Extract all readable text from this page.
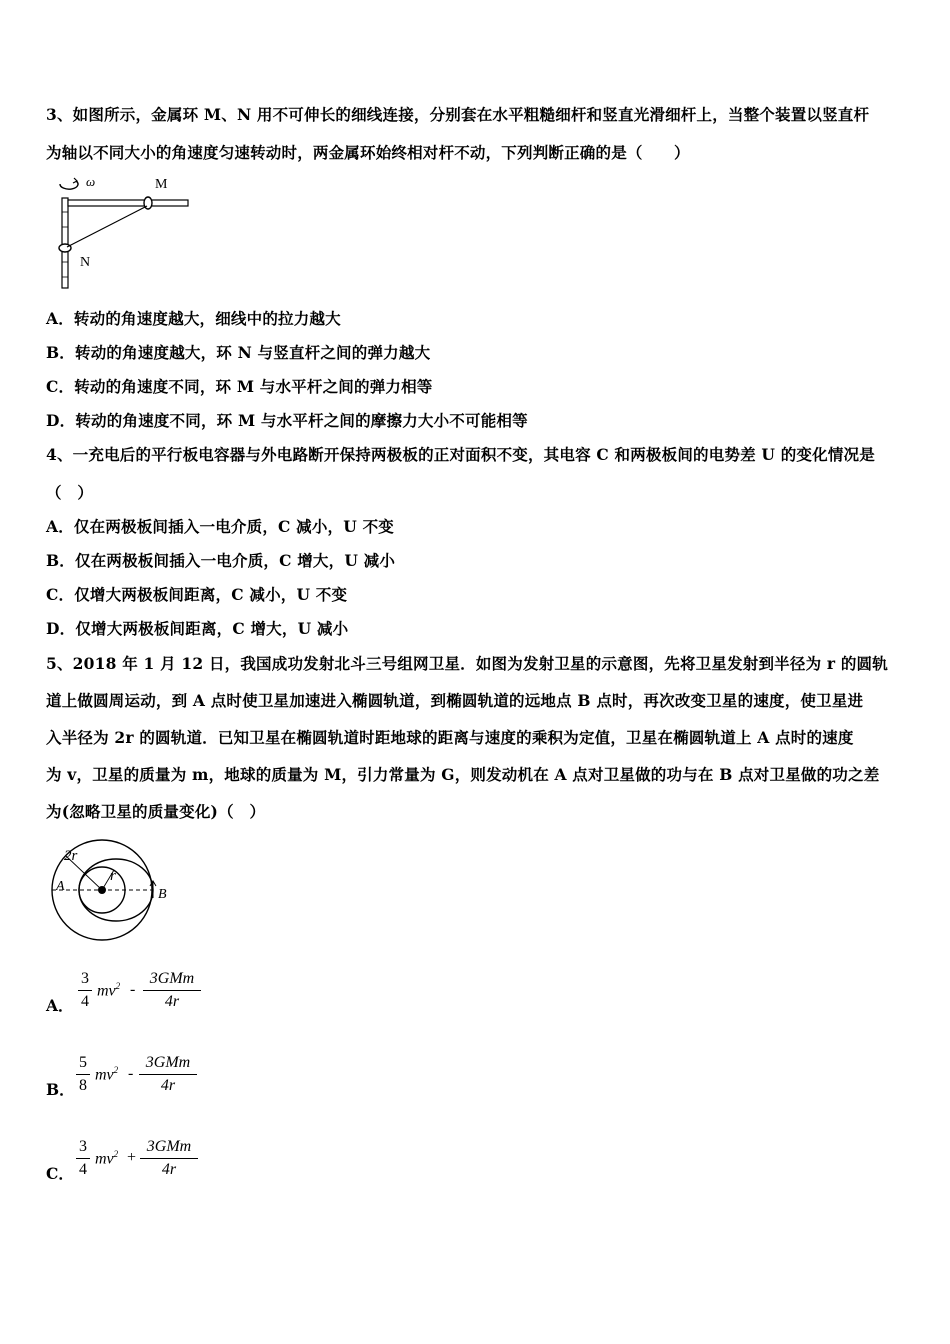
3、如图所示，金属环 M、N 用不可伸长的细线连接，分别套在水平粗糙细杆和竖直光滑细杆上，当整个装置以竖直杆
为轴以不同大小的角速度匀速转动时，两金属环始终相对杆不动，下列判断正确的是（　　）
ω	M
N
A．转动的角速度越大，细线中的拉力越大
B．转动的角速度越大，环 N 与竖直杆之间的弹力越大
C．转动的角速度不同，环 M 与水平杆之间的弹力相等
D．转动的角速度不同，环 M 与水平杆之间的摩擦力大小不可能相等
4、一充电后的平行板电容器与外电路断开保持两极板的正对面积不变，其电容 C 和两极板间的电势差 U 的变化情况是
（　）
A．仅在两极板间插入一电介质，C 减小，U 不变
B．仅在两极板间插入一电介质，C 增大，U 减小
C．仅增大两极板间距离，C 减小，U 不变
D．仅增大两极板间距离，C 增大，U 减小
5、2018 年 1 月 12 日，我国成功发射北斗三号组网卫星．如图为发射卫星的示意图，先将卫星发射到半径为 r 的圆轨
道上做圆周运动，到 A 点时使卫星加速进入椭圆轨道，到椭圆轨道的远地点 B 点时，再次改变卫星的速度，使卫星进
入半径为 2r 的圆轨道．已知卫星在椭圆轨道时距地球的距离与速度的乘积为定值，卫星在椭圆轨道上 A 点时的速度
为 v，卫星的质量为 m，地球的质量为 M，引力常量为 G，则发动机在 A 点对卫星做的功与在 B 点对卫星做的功之差
为(忽略卫星的质量变化)（　）
2r
r
A
B
A．
3
4
$mv^2$ -
3GMm
4r
B．
5
8
$mv^2$ -
3GMm
4r
C．
3
4
$mv^2$ +
3GMm
4r
